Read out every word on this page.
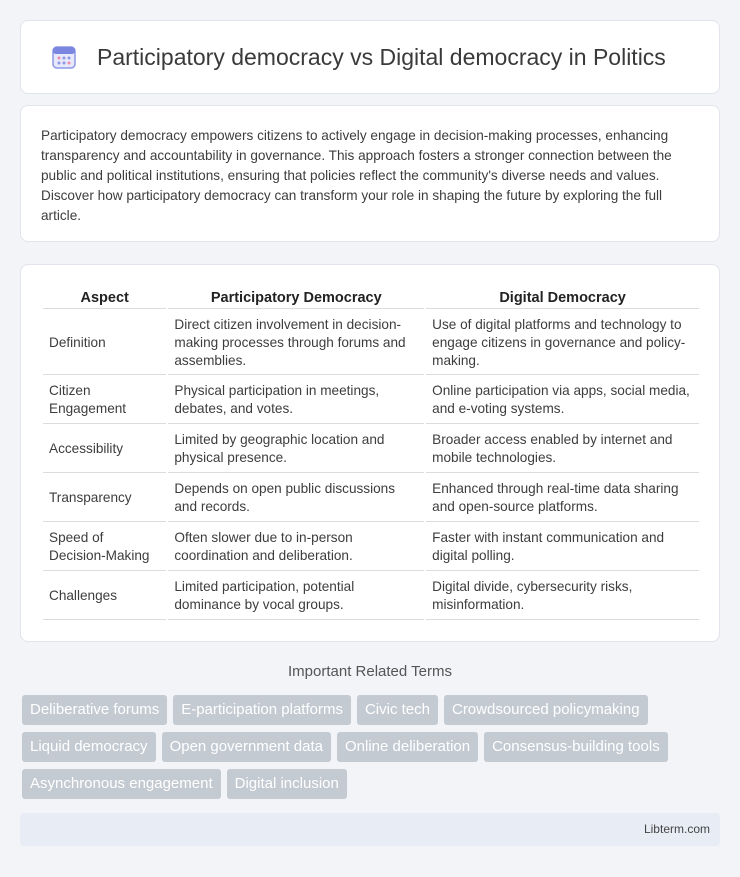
Participatory democracy vs Digital democracy in Politics

Participatory democracy empowers citizens to actively engage in decision-making processes, enhancing transparency and accountability in governance. This approach fosters a stronger connection between the public and political institutions, ensuring that policies reflect the community's diverse needs and values. Discover how participatory democracy can transform your role in shaping the future by exploring the full article.

Aspect	Participatory Democracy	Digital Democracy
Definition	Direct citizen involvement in decision-making processes through forums and assemblies.	Use of digital platforms and technology to engage citizens in governance and policy-making.
Citizen Engagement	Physical participation in meetings, debates, and votes.	Online participation via apps, social media, and e-voting systems.
Accessibility	Limited by geographic location and physical presence.	Broader access enabled by internet and mobile technologies.
Transparency	Depends on open public discussions and records.	Enhanced through real-time data sharing and open-source platforms.
Speed of Decision-Making	Often slower due to in-person coordination and deliberation.	Faster with instant communication and digital polling.
Challenges	Limited participation, potential dominance by vocal groups.	Digital divide, cybersecurity risks, misinformation.
Important Related Terms
Deliberative forums	E-participation platforms	Civic tech	Crowdsourced policymaking
Liquid democracy	Open government data	Online deliberation	Consensus-building tools
Asynchronous engagement	Digital inclusion
Libterm.com
